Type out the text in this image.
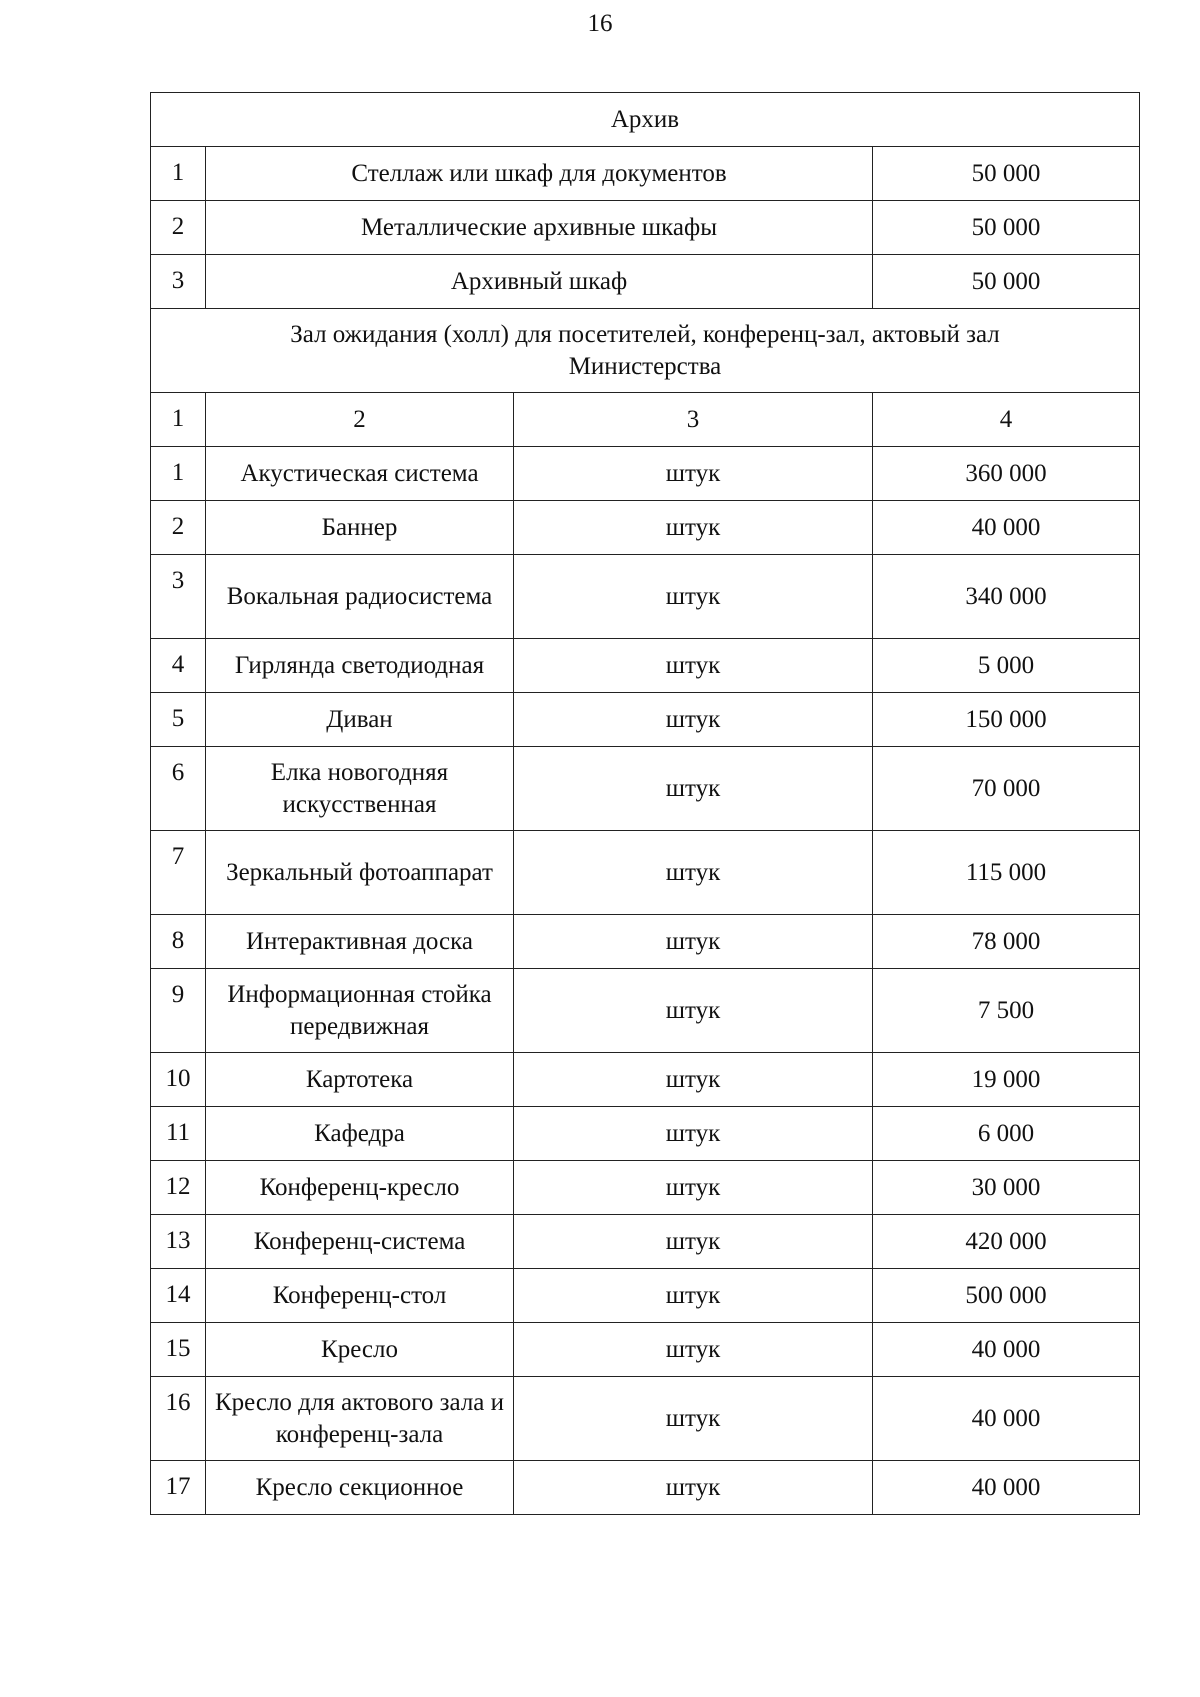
16
Архив			
1	Стеллаж или шкаф для документов		50 000
2	Металлические архивные шкафы		50 000
3	Архивный шкаф		50 000

Зал ожидания (холл) для посетителей, конференц-зал, актовый зал
Министерства			

1	2	3	4
1	Акустическая система	штук	360 000
2	Баннер	штук	40 000
3	Вокальная радиосистема	штук	340 000
4	Гирлянда светодиодная	штук	5 000
5	Диван	штук	150 000
6	Елка новогодняя искусственная	штук	70 000
7	Зеркальный фотоаппарат	штук	115 000
8	Интерактивная доска	штук	78 000
9	Информационная стойка передвижная	штук	7 500
10	Картотека	штук	19 000
11	Кафедра	штук	6 000
12	Конференц-кресло	штук	30 000
13	Конференц-система	штук	420 000
14	Конференц-стол	штук	500 000
15	Кресло	штук	40 000
16	Кресло для актового зала и конференц-зала	штук	40 000
17	Кресло секционное	штук	40 000
